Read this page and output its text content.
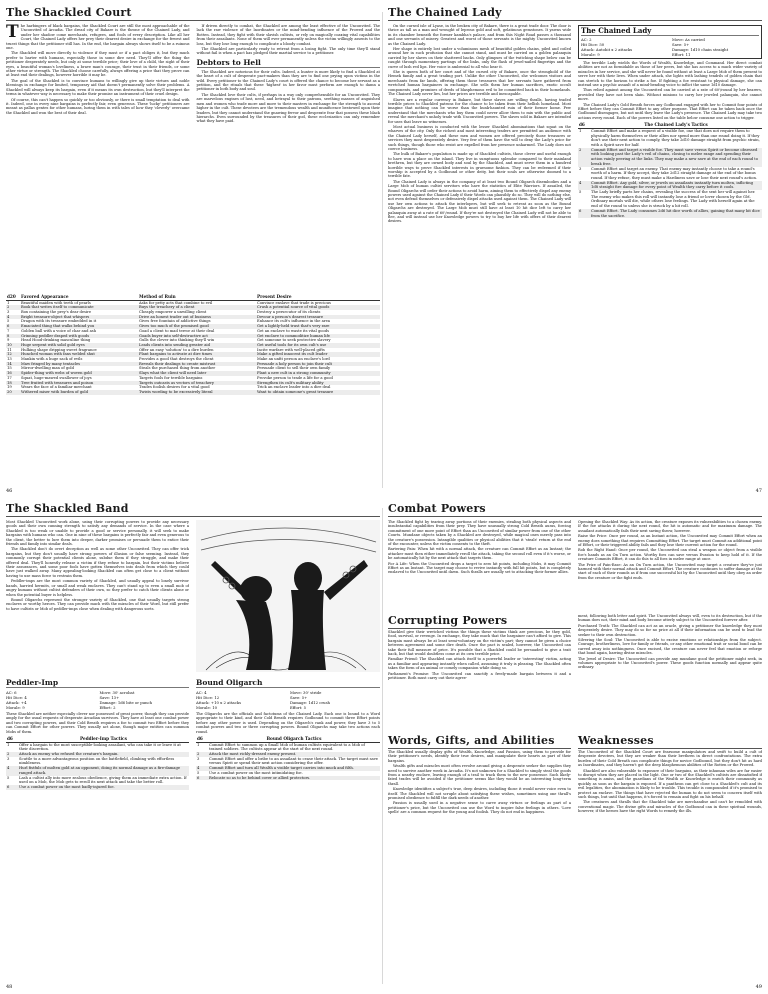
The Shackled Court
T he harbingers of black bargains, the Shackled Court are still the most approachable of the Unconvited of Arcadia. The dread city of Bakare is the throne of the Chained Lady, and under her shadow come merchants, refugees, and fools of every description. Like all her Court, the Chained Lady offers her prey their dearest desire in exchange for the fewest and truest things that the petitioner still has. In the end, the bargain always shows itself to be a ruinous one.

The Shackled will move directly to violence if they must or if a pact obliges it, but they much prefer to barter with humans, especially those in some dire need. They'll offer the thing the petitioner desperately needs, but only at some terrible price; their love of a child, the sight of their eyes, a beautiful woman's loveliness, a brave man's courage, their trust in their friends, or some other virtue or strength. The Shackled choose carefully, always offering a price that they prove can at least end their dealings, however horrible it may be.

The goal of the Shackled is to convince humans to willingly give up their virtues and noble blessings in exchange for limited, temporary aid that doesn't permanently solve their problems. A Shackled will always keep its bargain, even if it means its own destruction, but they'll interpret the terms in whatever way is necessary to make their promise an instrument of their cruel design.

Of course, this can't happen so quickly or too obviously, or there is small temptation to deal with it. Indeed, one in every nine bargains is perfectly fair, even generous. These 'lucky' petitioners are meant as pallas gentes for other humans, luring them in with tales of how they 'cleverly' overcame the Shackled and won the best of their deal.

If driven directly to combat, the Shackled are among the least effective of the Unconvited. The lack the raw violence of the Inordinates or the mind-bending influence of the Prowed and the Rotten. Instead, they fight with their slavish cultists, or rely on magically coaxing vital capabilities from their assailants. None of them will ever permanently unless the victim willingly assents to the loss, but they lose long enough to complicate a bloody combat.

The Shackled are particularly ready to retreat from a losing fight. The only time they'll stand without fail is when a pact has pledged their martial service to a petitioner.

Debtors to Hell

The Shackled are notorious for their cults. Indeed, a hunter is more likely to find a Shackled at the heart of a cult of desperate pact-makers than they are to find one prying upon victims in the wild. Every petitioner to the Chained Lady's court is offered the chance to become her servant as a petition, and the rituals that these 'highest' in her favor must perform are enough to damn a petitioner in both body and soul.

The Shackled love their cults, if perhaps in a way only comprehensible for an Unconvited. They are marvelous engines of lust, need, and betrayal to their patrons, seething masses of anguished men and women who trade more and more to their masters in exchange for the strength to ascend higher in the cult. These devotees are the tremendous wealth and munificence bestowed upon their leaders, but they cannot understand the gnawing fervor and desperate fear that possess these black hierarchs. Even surrounded by the treasures of their god, these ecclesiastics can only remember what they have paid.

d20	Favored Appearance	Method of Ruin	Present Desire
1	Beautiful maiden with teeth of pearls	Asks for petty acts that combine to evil	Convince enslave that trade is precious
2	Book that writes itself to communicate	Buys the treachery of a client	Crush a potential source of vital goods
3	Box containing the prey's dear desire	Cheaply empower a unwilling client	Destroy a persecutor of its clients
4	Bright treasure-object that whispers	Drive an honest trader out of business	Devour a person's dearest treasure
5	Dragon with its treasure embedded in it	Gives free fountain of addictive things	Enhance its cult's influence in the area
6	Emaciated thing that walks behind you	Gives too much of the promised good	Get a lightly-held trust that's very rare
7	Golden ball with a voice of char and ash	Goad a client to mad terror at their deal	Get an enclave to waste its vital goods
8	Grinning peddler draped with goods	Goads buyer into self-destructive act	Get enclave to commoditize human life
9	Head Hood-drinking masculine thing	Gulls the clever into thinking they'll win	Get someone to seek protective slavery
10	Huge serpent with solid gold eyes	Leads clients into sending greater aid	Get useful tools for its own cult's use
11	Hulking shape dripping sweet fragrance	Offer an easy 'solution' to a dire burden	Incite warfare with well-placed gifts
12	Hunched woman with fans welded shut	Plant bargains to activate at dire times	Make a gifted innocent its cult leader
13	Mankin with a huge sack of evils	Provides a good that destroys the client	Make an unfit person an enclave's lord
14	Maw fringed by many tentacles	Reveals their dealings to create mistrust	Persuade a holy person to join their cult
15	Mirror-dwelling man of gold	Steals the purchased thing from another	Persuade client to sell their own family
16	Spider-thing with webs of woven gold	Slays what the client will need later	Plant a new cult in a strong community
17	Squat, huge-mawed swallower of joys	Targets fools for terrible bargains	Provoke person to trade a life for a good
18	Tree fruited with treasures and poison	Targets outcasts as vectors of treachery	Strengthen its cult's military ability
19	Wears the face of a familiar merchant	Trades foolish desires for a vital good	Trick an enclave leader into a dire deal
20	Withered miser with burden of gold	Twists wording to be excessively literal	Want to obtain someone's great treasure
46
The Chained Lady

On the cursed isle of Lyase, in the broken city of Bakare, there is a great trade door. The door is thrice as tall as a man and wrought of leprous gold and soft, gelatinous gemstones. It yawns wide in its chamber beneath the former kambha's palace, and from this Night Road passes a thousand and one servants of misery. Greatest and worst of those servants is the mighty Unconvited known as the Chained Lady.

Her shape is entirely lost under a voluminous mesh of beautiful golden chains, piled and coiled around her in such profusion that she cannot stand, and must be carried on a golden palanquin carried by her slaves on their shattered backs. Only glimpses of the twitching shape below can be caught through momentary partings of the links, only the flash of jewel-nailed fingertips and the curve of lush red lips. Her voice is ambrosial to all who hear it.

She is queen both of her court and of the cursed city of Bakare, once the stronghold of the Hemek family and a great trading port. Unlike the other Unconvited, she welcomes visitors and merchants from far lands, offering them those treasures that her servants have gathered from wretched human bargainers in exchange. She sells them her human sacrifices, exotic occult components, and promises of deeds of blasphemous evil to be committed back in their homelands. The Chained Lady never lies, but her prices are terrible and inescapable.

Slaves are a regular currency in Bakare, but these slaves are willing thralls, having traded terrible prices to Shackled patrons for the chance to be taken from their hellish homeland. Most imagine that nothing can be worse than the hunk-haunted ruin of their former home. Few understand that the merchants who buy them could never allow them to mix with the public and reveal the merchant's unholy trade with Unconvited powers. The slaves sold in Bakare are intended for uses that leave no witnesses.

Most actual business is conducted with the lesser Shackled abominations that squat on the wharves of the city. Only the richest and most interesting traders are permitted an audience with the Chained Lady herself, and these men and women are offered precisely those treasures or services they most desperately desire. Very few of them have the will to deny the Lady's price for such things, though those who resist are expelled from her presence unharmed. The Lady does not coerce business.

The bulk of Bakare's population is made up of Shackled cultists, those clever and useful enough to have won a place on the island. They live in sumptuous splendor compared to their mainland brethren, but they are owned body and soul by the Shackled, and must serve them in a hundred horrible ways to prove Shackled interests in gruesome fashion. They can be redeemed if their worship is accepted by a Godbound or other deity, but their souls are otherwise doomed to a terrible fate.

The Chained Lady is always in the company of at least two Bound Oligarch disembodies and a Large Mob of human cultist servitors who have the statistics of Elite Warriors. If assailed, the Bound Oligarchs will order their actions to avoid harm, aiming them to effectively dispel any enemy powers used against the Chained Lady if their Words can plausibly do so. They will do nothing else, not even defend themselves or defensively dispel attacks used against them. The Chained Lady will use her own actions to attack the interlopers, but will seek to retreat as soon as the Bound Oligarchs are destroyed. The Large Mob must still have at least 10 hit dice left to carry her palanquin away at a rate of 60'/round. If they're not destroyed the Chained Lady will not be able to flee, and will instead use her Knowledge powers to try to buy her life with offers of their dearest desires.

The Chained Lady
AC: 2	Move: As carried
Hit Dice: 50	Save: 5+
Attack: Autohit x 2 attacks	Damage: 1d10 chain straight
Morale: 9	Effort: 11

The terrible Lady wields the Words of Wealth, Knowledge, and Command. Her direct combat abilities are not as formidable as those of her peers, but she has access to a much wider variety of miracles in her service, and she will never be found without at least a Large Mob of them present to serve her with their lives. When under attack, she lights with lashing tendrils of golden chain that can stretch to the horizon to strike a foe. If fighting a foe resistant to physical damage, she can instead use a psychic assault of a mind-bending voice to inflict the same 1d10 damage.

Thus relied against among the Unconvited can be carried at a rate of 60'/round by her bearers, provided they have not been slain. Without minions to carry her jeweled palanquin, she cannot move.

The Chained Lady's Gold Breath forces any Godbound engaged with her to Commit four points of Effort before they can Commit Effort to any other purpose. That Effort can be taken back once the Godbound disengages, but not until they leave the Lady's presence. The Chained Lady may take two actions every round. Each of the powers listed on the table below consume one action to trigger.

d6	The Chained Lady's Tactics
1	Commit Effort and make a request of a visible foe, one that does not require them to physically harm themselves or their allies nor spend more than one round doing it. If they don't use their next action to comply, they take 2d10 damage straight from psychic strain, with a Spirit save for half.
2	Commit Effort and target a visible foe. They must save versus Spirit or become obsessed with looking past the Lady's veil of chains, closing to melee range and spending their action vainly peering at the links. They may make a new save at the end of each round to break free.
3	Commit Effort and target an enemy. That enemy may instantly choose to take a round's worth of a harm. If they accept, they take 2d12 straight damage at the end of the bonus round. If they refuse, they must make a Hardiness save or lose their next round's action.
4	Commit Effort. Any gold, silver, or jewels on assailants instantly turn molten, inflicting 1d8 straight fire damage for every point of Wealth they carry before it cools.
5	The Lady briefly parts her chains, revealing the success of the sent her will against her. The enemy who makes this roll will instantly lose a friend or lover chosen by the GM. Ordinary mortals will die, while others lose feelings. The Lady with herself again at the end of the round to unless she is struck by a hit roll.
6	Commit Effort. The Lady consumes 2d6 hit dice worth of allies, gaining that many hit dice from the sacrifice.
47
The Shackled Band

Most Shackled Unconvited work alone, using their corrupting powers to provide any necessary goods and their own cunning strength to satisfy any demands of service. In the case where a Shackled is too weak or unable to provide a good or service personally, it will seek to make bargains with humans who can. One in nine of these bargains is perfectly fair and even generous to the client, the better to lure them into deeper, darker promises or persuade them to entice their friends and family into similar deals.

The Shackled don't do overt deception as well as some other Unconvited. They can offer trick bargains, but they don't usually have strong powers of illusion or false seeming. Instead, they commonly corrupt their potential clients alone, subdue them if they struggle, and make their offered deal. They'll honestly release a victim if they refuse to bargain, but their victims believe their assurances, and some poor fools have gotten themselves into deals from which they could have just walked away. Many appealing-looking Shackled can often get close to a client without having to use mass force to restrain them.

Peddler-imps are the most common variety of Shackled, and usually appeal to lonely survivor bands, harried hermits, or small and weak enclaves. They can't stand up to even a small mob of angry humans without cultist defenders of their own, so they prefer to catch their clients alone or when the potential buyer is helpless.

Bound Oligarchs represent the stronger variety of Shackled, one that usually targets strong enclaves or worthy heroes. They can provide much with the miracles of their Word, but still prefer to have cultists or Mob of peddler-imps close when dealing with dangerous sorts.

Peddler-Imp
AC: 6	Move: 30' acrobat
Hit Dice: 4	Save: 13+
Attack: +4	Damage: 1d6 bite or punch
Morale: 9	Effort: 2

These Shackled are neither especially clever nor possessed of great power, though they can provide amply for the usual requests of desperate Arcadian survivors. They have at least one combat power and two corrupting powers, and their Cold Breath requires a foe to commit two Effort before they can Commit Effort for other powers. They usually act alone, though major entities can summon Mobs of them.

d6	Peddler-Imp Tactics
1	Offer a bargain to the most susceptible-looking assailant, who can take it or leave it at their discretion.
2	Attack an enemy who refused the creature's bargain.
3	Scuttle to a more advantageous position on the battlefield, climbing with effortless nimbleness.
4	Hurl fistfuls of molten gold at an opponent, doing its normal damage as a fire-damage ranged attack.
5	Lash a cultist ally into more zealous obedience, giving them an immediate extra action. If used on a Mob, the Mob gets to reroll its next attack and take the better roll.
6	Use a combat power on the most badly-injured foe.
Bound Oligarch
AC: 4	Move: 30' stride
Hit Dice: 12	Save: 5+
Attack: +10 x 2 attacks	Damage: 1d12 crush
Morale: 10	Effort: 5

The Oligarchs are the officials and factotums of the Chained Lady. Each one is bound to a Word appropriate to their kind, and their Cold Breath requires Godbound to commit three Effort points before any other power is used. Depending on the Oligarch's rank and power, they have 3 to 5 combat powers and two or three corrupting powers. Bound Oligarchs may take two actions each round.

d6	Bound Oligarch Tactics
1	Commit Effort to summon up a Small Mob of human cultists equivalent to a Mob of trained soldiers. The cultists appear at the start of the next round.
2	Attack the most richly-dressed enemy present.
3	Commit Effort and offer a bribe to an assailant to cease their attack. The target must save versus Spirit or spend their next action considering the offer.
4	Commit Effort and turn all Wealth a visible target carries into muck and filth.
5	Use a combat power on the most intimidating foe.
6	Relocate so as to be behind cover or allied protectors.
48
Combat Powers

The Shackled fight by tearing away portions of their enemies, stealing both physical aspects and insubstantial capabilities from their prey. They have unusually strong Cold Breath auras, forcing commitment of one more point of Effort than an Unconvited of similar power from one of the other Courts. Mundane objects taken by a Shackled are destroyed, while magical ones merely pass into the creature's possession. Intangible qualities or physical abilities that it 'steals' return at the end of the encounter, unless the victim consents to the theft.

Bartering Pain: When hit with a normal attack, the creature can Commit Effort as an Instant; the attacker must then either immediately reroll the attack, taking the second roll even if it's worse, or be automatically hit by the next attack that targets them.

For A Life: When the Unconvited drops a target to zero hit points, including Mobs, it may Commit Effort as an Instant. The target may choose to revive instantly with full hit points, but is completely enslaved to the Unconvited until dawn. Such thralls are usually set to attacking their former allies.

Opening the Shackled Way: As its action, the creature exposes its vulnerabilities to a chosen enemy. If the foe attacks it during the next round, the hit is automatic and for maximum damage. The assailant automatically fails their next saving throw, however.

Raise the Price: Once per round, as an Instant action, the Unconvited may Commit Effort when an enemy does something that requires Committing Effort. The target must Commit an additional point of Effort, or their triggered ability fails and they lose their current action for the round.

Rob the Right Hand: Once per round, the Unconvited can steal a weapon or object from a visible foe's hands as an On Turn action. Worthy foes can save versus Evasion to keep hold of it. If the creature Commits Effort, it can do this to all foes in melee range at once.

The Prize of Pain-Ease: As an On Turn action, the Unconvited may target a creature they've just harmed with their normal attack and Commit Effort. The creature continues to suffer damage at the start of each of their rounds as if from one successful hit by the Unconvited until they obey an order from the creature or the fight ends.

Corrupting Powers

Shackled give their wretched victims the things these victims think are precious, be they gold, food, survival, or revenge. In exchange, they take much that the bargainer can't afford to give. This bargain must always be at least semi-voluntary on the victim's part; they cannot be given a choice between agreement and some dire death. Once the pact is sealed, however, the Unconvited can take their full measure of price. It's possible that a Shackled could be persuaded to give a trait back, but that would doubtless come at its own terrible price.

Familiar Friend: The Shackled can attach itself to a powerful leader or 'interesting' victim, acting as a familiar and appearing instantly when called, assuming it truly is pleasing. The Shackled often takes the form of an animal or comely companion while doing so.

Parliament's Promise: The Unconvited can sanctify a freely-made bargain between it and a petitioner. Both must carry out their agree-

ment, following both letter and spirit. The Unconvited always will, even to its destruction, but if the human does not, their mind and body become utterly subject to the Unconvited forever after.

Purchased Truth: The Shackled can act as an oracle, giving a petitioner the knowledge they most desperately desire. They may do so for no price at all if their information can be used to lead the seeker to their own destruction.

Silvering the Soul: The Unconvited is able to excise emotions or relationships from the subject. Courage, brotherliness, love for family or friends, or any other emotional trait or social bond can be carved away into nothingness. Once excised, the creature can never feel that emotion or reforge that bond again, barring divine miracles.

The Jewel of Desire: The Unconvited can provide any mundane good the petitioner might seek, in volumes appropriate to the Unconvited's power. These goods function normally and appear quite ordinary.

Words, Gifts, and Abilities

The Shackled usually display gifts of Wealth, Knowledge, and Passion, using them to provide for their petitioner's needs, identify their true desires, and manipulate their hearts as part of their bargains.

Wealth gifts and miracles most often revolve around giving a desperate seeker the supplies they need to survive another week in Arcadia. It's not unknown for a Shackled to simply steal the goods from a nearby enclave, leaving enough of a trail to track them to the new possessor. Such likely-fated trades will be avoided if the petitioner seems like they would be an interesting long-term thrall.

Knowledge identifies a subject's true, deep desires, including those it would never voice even to itself. The Shackled will not scruple about satisfying these wishes, sometimes using one thrall's promised obedience to fulfill the dark needs of another.

Passion is usually used in a negative sense to carve away virtues or feelings as part of a petitioner's price, but the Unconvited can use the Word to inspire false feelings in others. 'Love spells' are a common request for the young and foolish. They do not end in happiness.

Weaknesses

The Unconvited of the Shackled Court are fearsome manipulators and swift to build a cult of desperate devotees, but they are weaker than their brethren in direct confrontations. The extra burden of their Cold Breath can complicate things for novice Godbound, but they don't hit as hard as Inordinates, and they haven't got the deep blasphemous abilities of the Rotten or the Prowed.

Shackled are also vulnerable to exposure of their bargains, as their inhuman wiles are far easier to disrupt when they are placed in the light. One or two of the Shackled's cultists are dissatisfied if something is amiss, and the guardians of the Wealth or Knowledge is enrich their community as quickly as soon as the bargain is exposed. If a pantheon can get close to a Shackled's cult and its evil legalities, the abomination is likely to be trouble. This trouble is compounded if it's promised to protect an enclave. The things that have rejected the human to do not seem to concern itself with such things, but until that happens, it's forced to remain and fight on his behalf.

The creatures and thralls that the Shackled take are merchandise and can't be remolded with conventional magic. The divine gifts and miracles of the Godbound can in these spiritual wounds, however, if the heroes have the right Words to remedy the ills.

49
